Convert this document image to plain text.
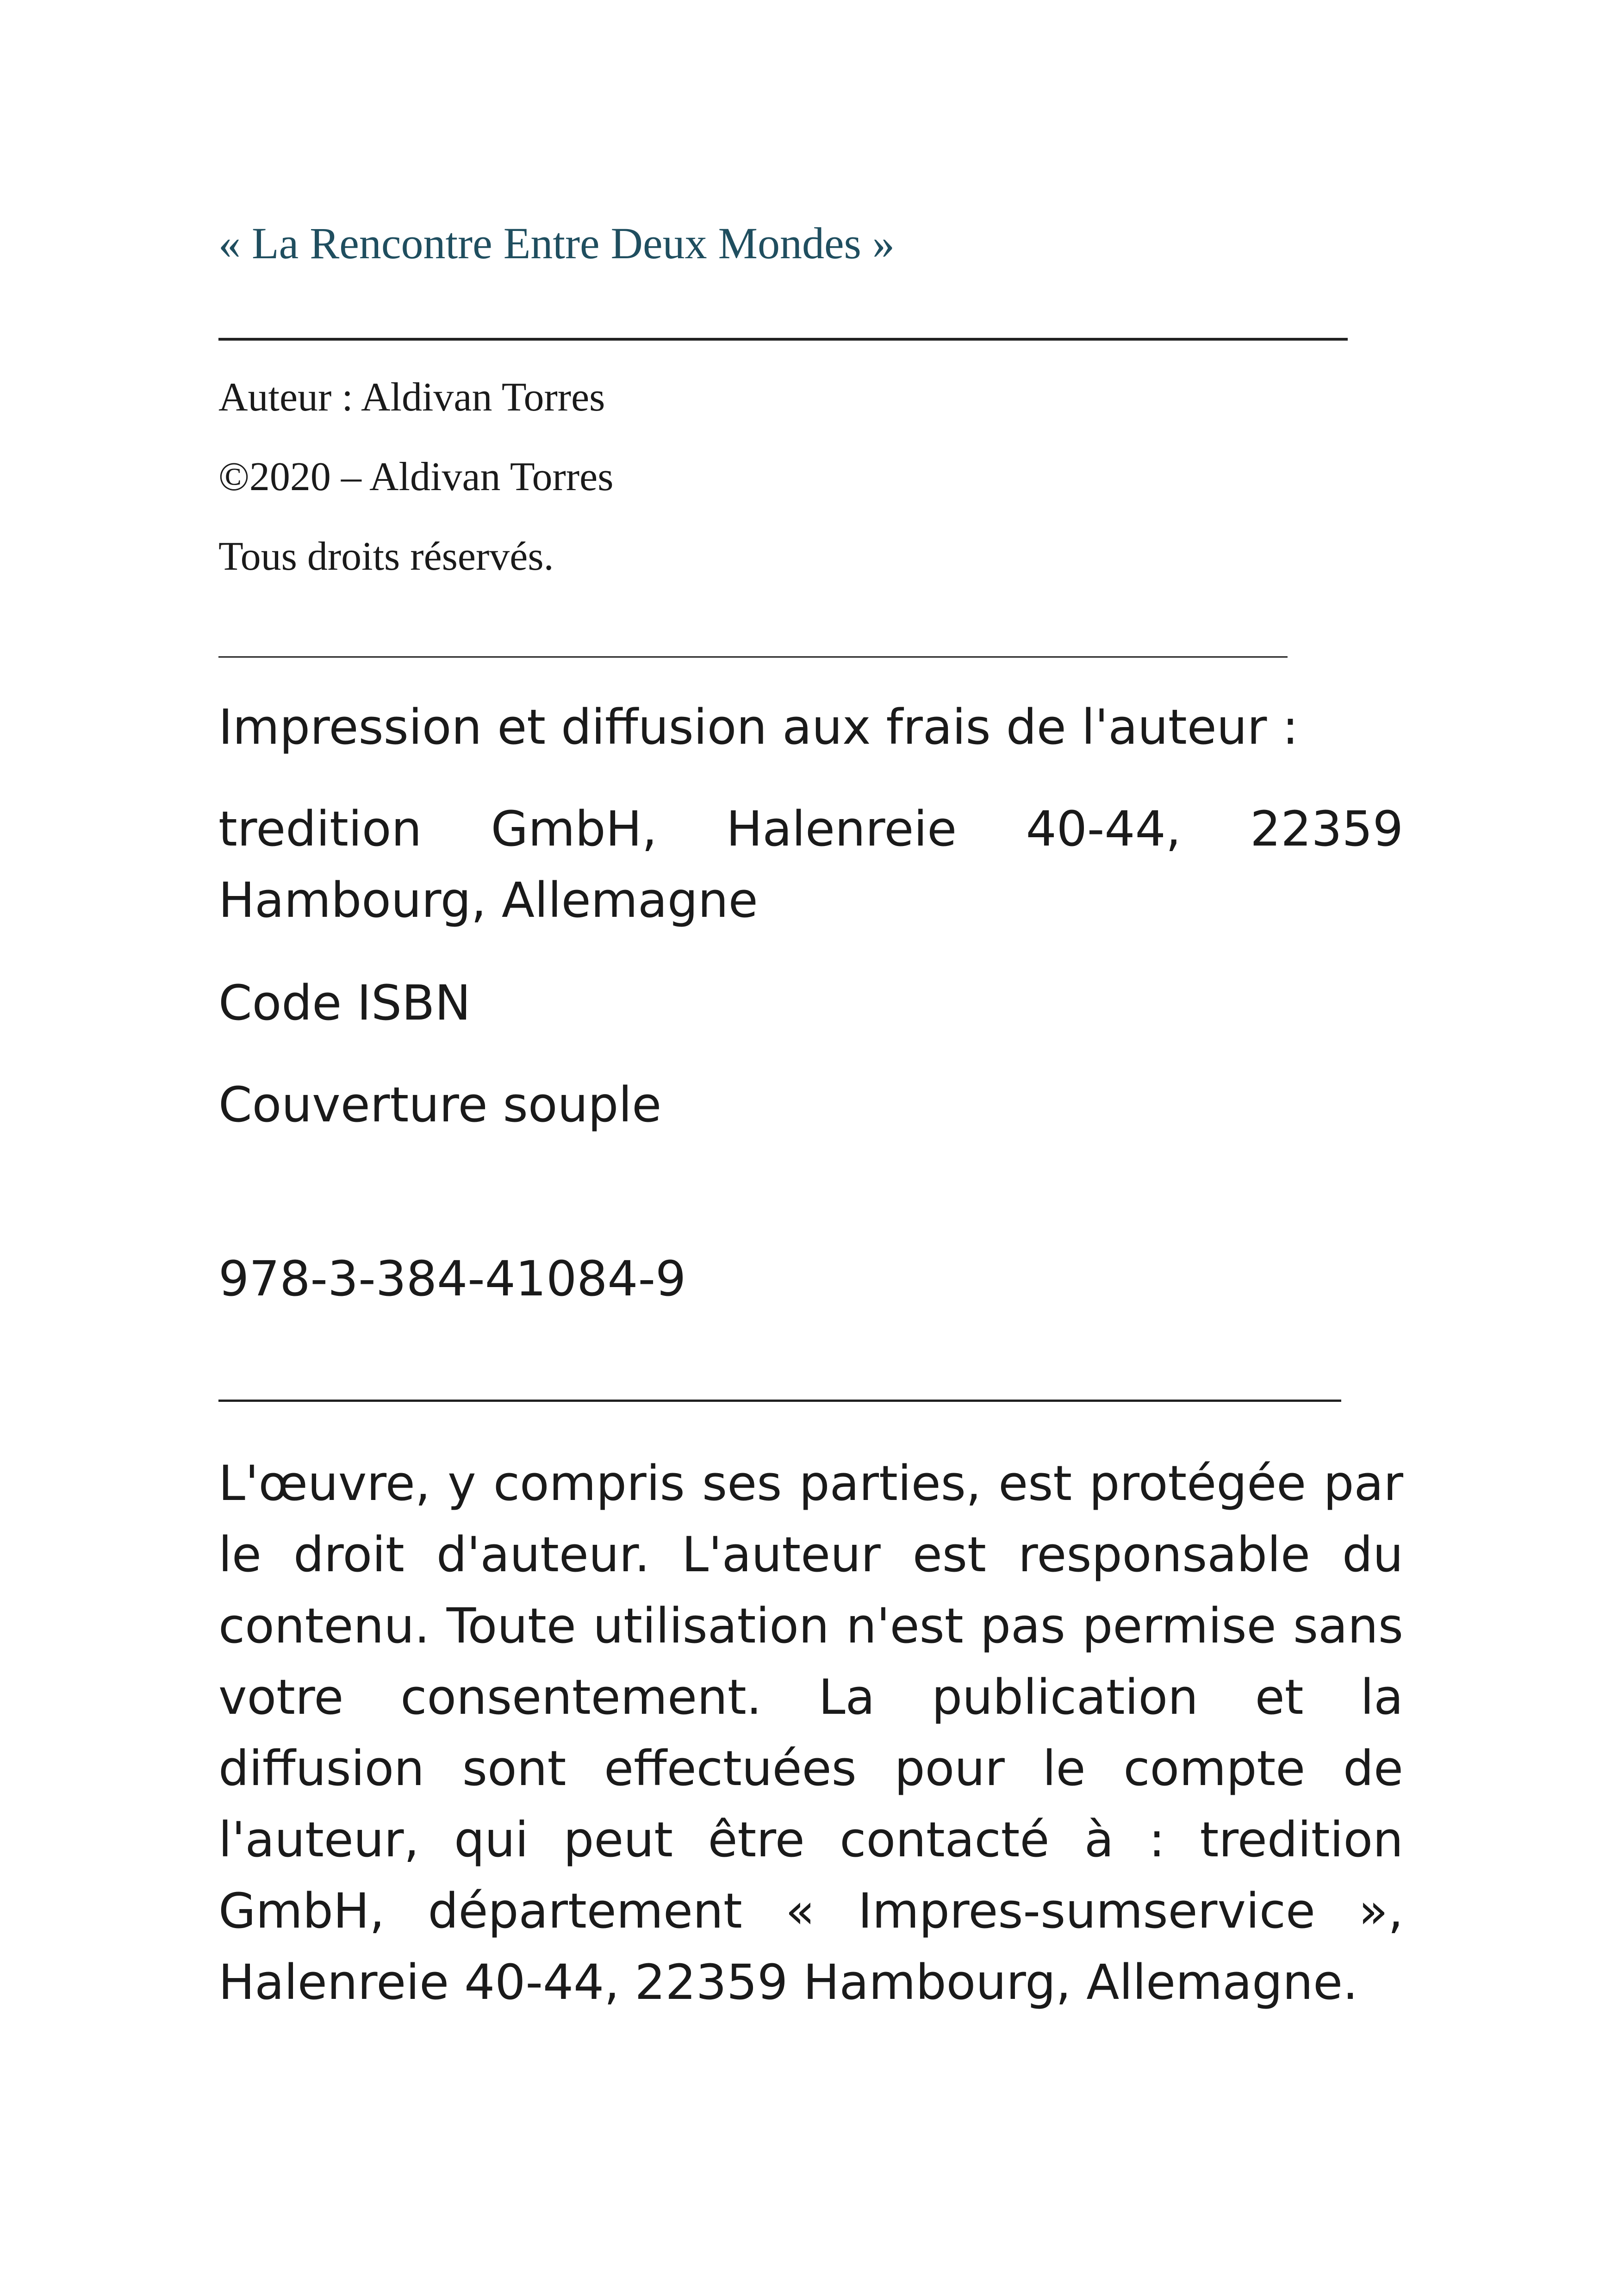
« La Rencontre Entre Deux Mondes »
Auteur : Aldivan Torres
©2020 – Aldivan Torres
Tous droits réservés.
Impression et diffusion aux frais de l'auteur :
tredition GmbH, Halenreie 40-44, 22359
Hambourg, Allemagne
Code ISBN
Couverture souple
978-3-384-41084-9
L'œuvre, y compris ses parties, est protégée par le droit d'auteur. L'auteur est responsable du contenu. Toute utilisation n'est pas permise sans votre consentement. La publication et la diffusion sont effectuées pour le compte de l'auteur, qui peut être contacté à : tredition GmbH, département « Impres-sumservice », Halenreie 40-44, 22359 Hambourg, Allemagne.
